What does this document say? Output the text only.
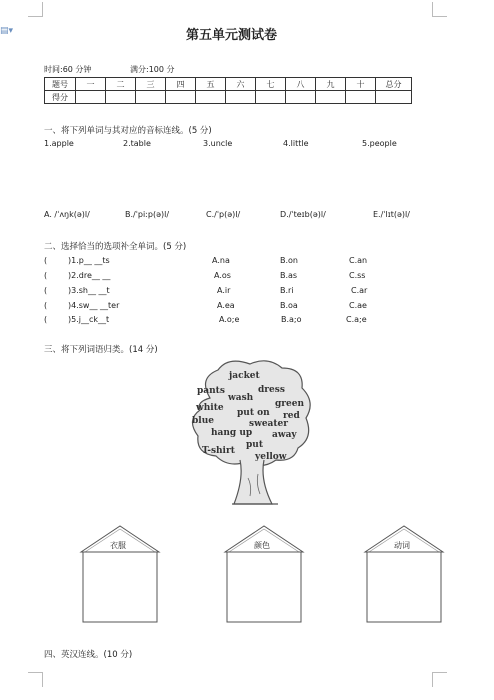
▤▾	第五单元测试卷
时间:60 分钟	满分:100 分
题号	一	二	三	四	五	六	七	八	九	十	总分
得分											
一、将下列单词与其对应的音标连线。(5 分)
1.apple	2.table	3.uncle	4.little	5.people
A. /ˈʌŋk(ə)l/	B./ˈpiːp(ə)l/	C./ˈp(ə)l/	D./ˈteɪb(ə)l/	E./ˈlɪt(ə)l/
二、选择恰当的选项补全单词。(5 分)
(	)1.p__ __ts	A.na	B.on	C.an
(	)2.dre__ __	A.os	B.as	C.ss
(	)3.sh__ __t	A.ir	B.ri	C.ar
(	)4.sw__ __ter	A.ea	B.oa	C.ae
(	)5.j__ck__t	A.o;e	B.a;o	C.a;e
三、将下列词语归类。(14 分)
jacket
pants	dress
wash
green
white put on red
blue	sweater
hang up away
put
T-shirt
yellow
衣服	颜色	动词
四、英汉连线。(10 分)
